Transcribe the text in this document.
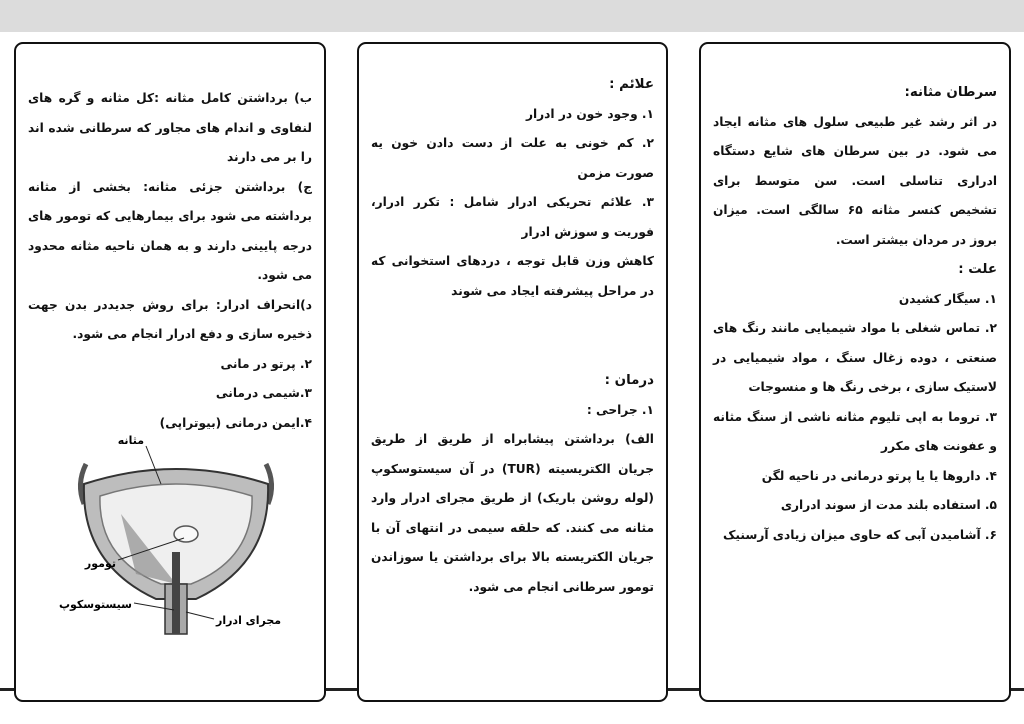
سرطان مثانه:

در اثر رشد غیر طبیعی سلول های مثانه ایجاد می شود. در بین سرطان های شایع دستگاه ادراری تناسلی است. سن متوسط برای تشخیص کنسر مثانه ۶۵ سالگی است. میزان بروز در مردان بیشتر است.

علت :

۱. سیگار کشیدن

۲. تماس شغلی با مواد شیمیایی مانند رنگ های صنعتی ، دوده زغال سنگ ، مواد شیمیایی در لاستیک سازی ، برخی رنگ ها و منسوجات

۳. تروما به اپی تلیوم مثانه ناشی از سنگ مثانه و عفونت های مکرر

۴. داروها یا یا پرتو درمانی در ناحیه لگن

۵. استفاده بلند مدت از سوند ادراری

۶. آشامیدن آبی که حاوی میزان زیادی آرسنیک

علائم :

۱. وجود خون در ادرار

۲. کم خونی به علت از دست دادن خون یه صورت مزمن

۳. علائم تحریکی ادرار شامل : تکرر ادرار، فوریت و سوزش ادرار

کاهش وزن قابل توجه ، دردهای استخوانی که در مراحل پیشرفته ایجاد می شوند

درمان :

۱. جراحی :

الف) برداشتن پیشابراه از طریق از طریق جریان الکتریسیته (TUR) در آن سیستوسکوپ (لوله روشن باریک) از طریق مجرای ادرار وارد مثانه می کنند. که حلقه سیمی در انتهای آن با جریان الکتریسته بالا برای برداشتن یا سوزاندن تومور سرطانی انجام می شود.

ب) برداشتن کامل مثانه :کل مثانه و گره های لنفاوی و اندام های مجاور که سرطانی شده اند را بر می دارند

ج) برداشتن جزئی مثانه: بخشی از مثانه برداشته می شود برای بیمارهایی که تومور های درجه پایینی دارند و به همان ناحیه مثانه محدود می شود.

د)انحراف ادرار: برای روش جدیددر بدن جهت ذخیره سازی و دفع ادرار انجام می شود.

۲. پرتو در مانی

۳.شیمی درمانی

۴.ایمن درمانی (بیوتراپی)

مثانه
تومور
سیستوسکوپ
مجرای ادرار
